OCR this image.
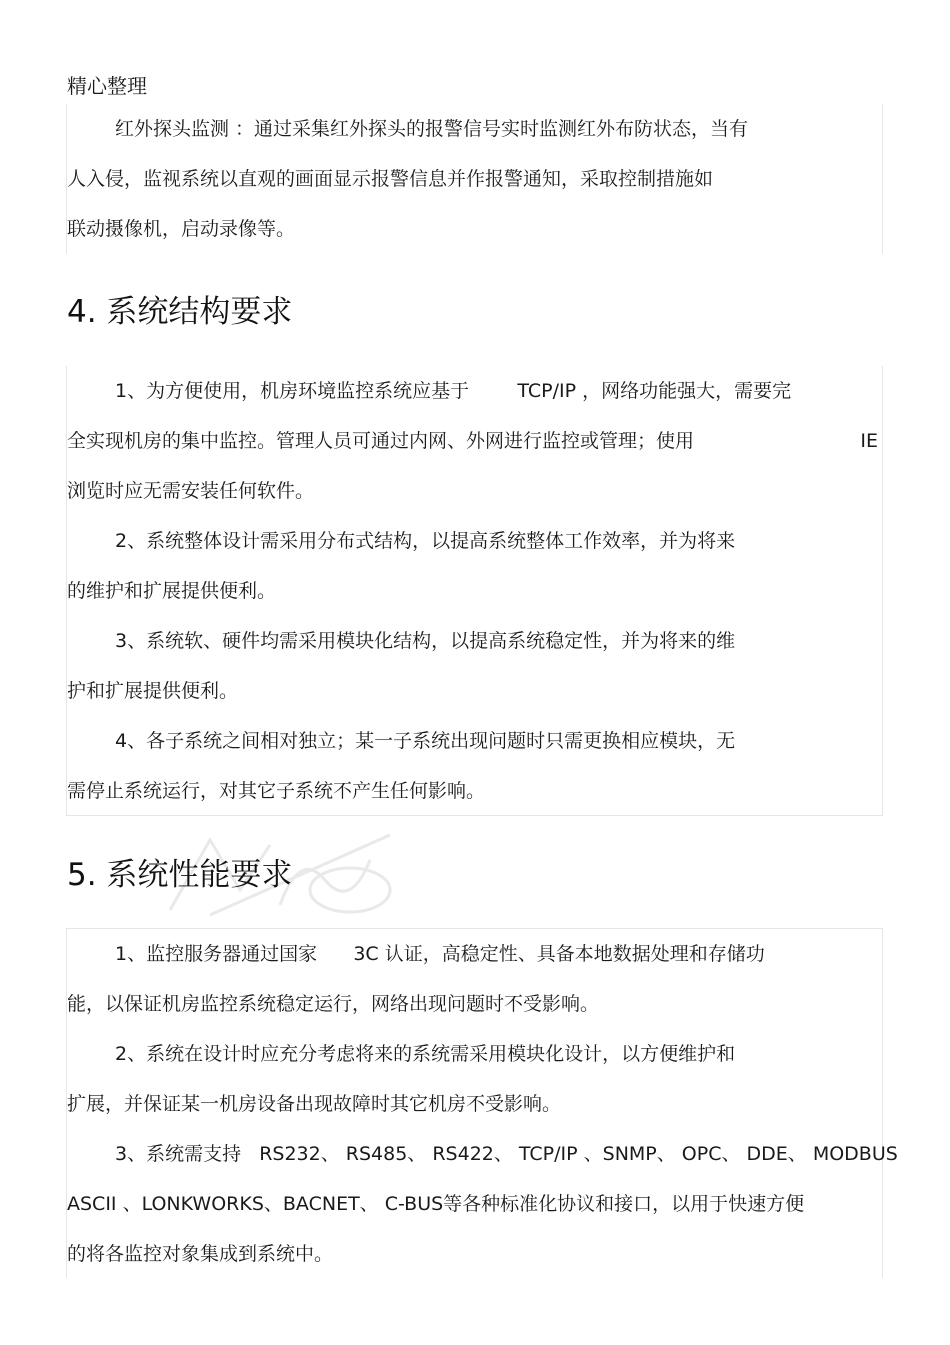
精心整理
红外探头监测 ：通过采集红外探头的报警信号实时监测红外布防状态，当有
人入侵，监视系统以直观的画面显示报警信息并作报警通知，采取控制措施如
联动摄像机，启动录像等。
4. 系统结构要求
1、为方便使用，机房环境监控系统应基于        TCP/IP ，网络功能强大，需要完
全实现机房的集中监控。管理人员可通过内网、外网进行监控或管理；使用	IE
浏览时应无需安装任何软件。
2、系统整体设计需采用分布式结构，以提高系统整体工作效率，并为将来
的维护和扩展提供便利。
3、系统软、硬件均需采用模块化结构，以提高系统稳定性，并为将来的维
护和扩展提供便利。
4、各子系统之间相对独立；某一子系统出现问题时只需更换相应模块，无
需停止系统运行，对其它子系统不产生任何影响。
5. 系统性能要求
1、监控服务器通过国家      3C 认证，高稳定性、具备本地数据处理和存储功
能，以保证机房监控系统稳定运行，网络出现问题时不受影响。
2、系统在设计时应充分考虑将来的系统需采用模块化设计，以方便维护和
扩展，并保证某一机房设备出现故障时其它机房不受影响。
3、系统需支持   RS232、 RS485、 RS422、 TCP/IP 、SNMP、 OPC、 DDE、 MODBUS
ASCII 、LONKWORKS、BACNET、 C-BUS等各种标准化协议和接口，以用于快速方便
的将各监控对象集成到系统中。
